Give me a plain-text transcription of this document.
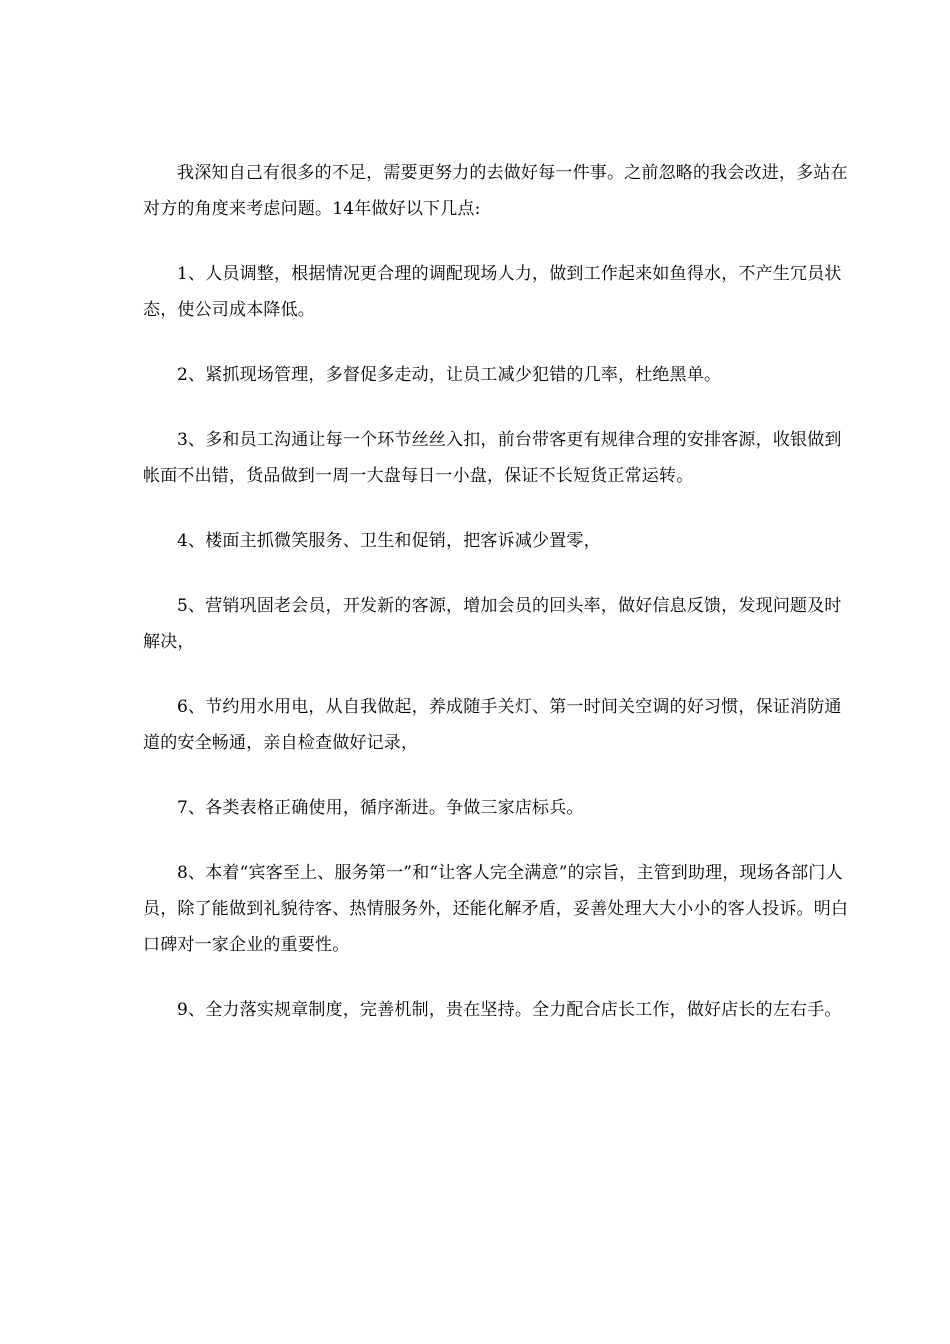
我深知自己有很多的不足，需要更努力的去做好每一件事。之前忽略的我会改进，多站在对方的角度来考虑问题。14年做好以下几点:

1、人员调整，根据情况更合理的调配现场人力，做到工作起来如鱼得水，不产生冗员状态，使公司成本降低。

2、紧抓现场管理，多督促多走动，让员工减少犯错的几率，杜绝黑单。

3、多和员工沟通让每一个环节丝丝入扣，前台带客更有规律合理的安排客源，收银做到帐面不出错，货品做到一周一大盘每日一小盘，保证不长短货正常运转。

4、楼面主抓微笑服务、卫生和促销，把客诉减少置零，

5、营销巩固老会员，开发新的客源，增加会员的回头率，做好信息反馈，发现问题及时解决，

6、节约用水用电，从自我做起，养成随手关灯、第一时间关空调的好习惯，保证消防通道的安全畅通，亲自检查做好记录，

7、各类表格正确使用，循序渐进。争做三家店标兵。

8、本着“宾客至上、服务第一”和“让客人完全满意”的宗旨，主管到助理，现场各部门人员，除了能做到礼貌待客、热情服务外，还能化解矛盾，妥善处理大大小小的客人投诉。明白口碑对一家企业的重要性。

9、全力落实规章制度，完善机制，贵在坚持。全力配合店长工作，做好店长的左右手。
